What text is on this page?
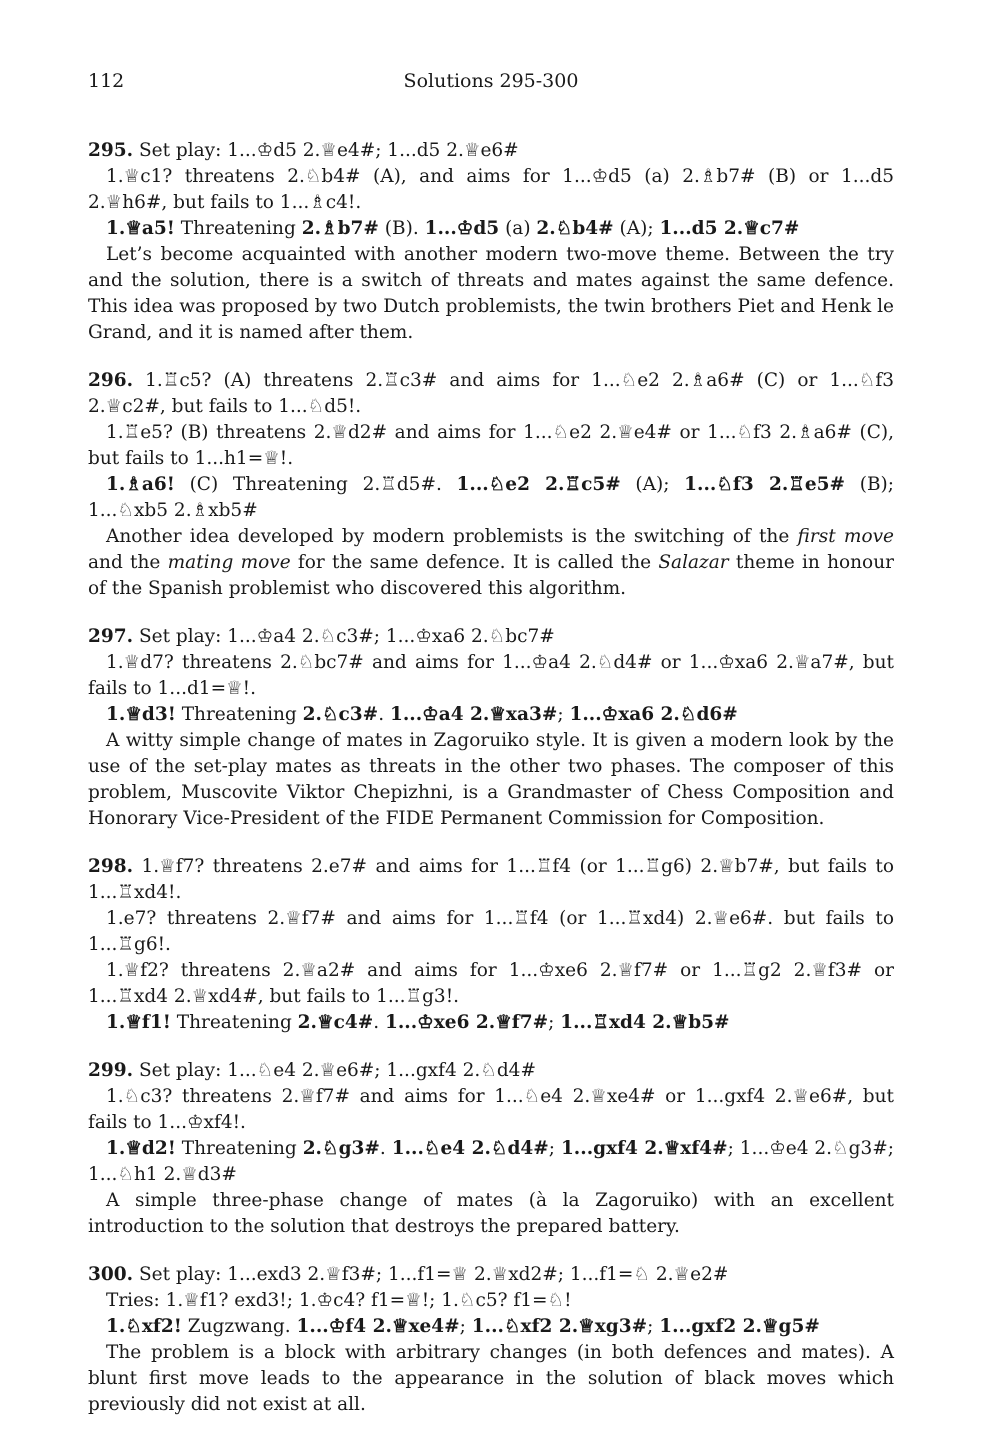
112	Solutions 295-300

295. Set play: 1...♔d5 2.♕e4#; 1...d5 2.♕e6#

1.♕c1? threatens 2.♘b4# (A), and aims for 1...♔d5 (a) 2.♗b7# (B) or 1...d5 2.♕h6#, but fails to 1...♗c4!.

1.♕a5! Threatening 2.♗b7# (B). 1...♔d5 (a) 2.♘b4# (A); 1...d5 2.♕c7#

Let’s become acquainted with another modern two-move theme. Between the try and the solution, there is a switch of threats and mates against the same defence. This idea was proposed by two Dutch problemists, the twin brothers Piet and Henk le Grand, and it is named after them.

296. 1.♖c5? (A) threatens 2.♖c3# and aims for 1...♘e2 2.♗a6# (C) or 1...♘f3 2.♕c2#, but fails to 1...♘d5!.

1.♖e5? (B) threatens 2.♕d2# and aims for 1...♘e2 2.♕e4# or 1...♘f3 2.♗a6# (C), but fails to 1...h1=♕!.

1.♗a6! (C) Threatening 2.♖d5#. 1...♘e2 2.♖c5# (A); 1...♘f3 2.♖e5# (B); 1...♘xb5 2.♗xb5#

Another idea developed by modern problemists is the switching of the first move and the mating move for the same defence. It is called the Salazar theme in honour of the Spanish problemist who discovered this algorithm.

297. Set play: 1...♔a4 2.♘c3#; 1...♔xa6 2.♘bc7#

1.♕d7? threatens 2.♘bc7# and aims for 1...♔a4 2.♘d4# or 1...♔xa6 2.♕a7#, but fails to 1...d1=♕!.

1.♕d3! Threatening 2.♘c3#. 1...♔a4 2.♕xa3#; 1...♔xa6 2.♘d6#

A witty simple change of mates in Zagoruiko style. It is given a modern look by the use of the set-play mates as threats in the other two phases. The composer of this problem, Muscovite Viktor Chepizhni, is a Grandmaster of Chess Composition and Honorary Vice-President of the FIDE Permanent Commission for Composition.

298. 1.♕f7? threatens 2.e7# and aims for 1...♖f4 (or 1...♖g6) 2.♕b7#, but fails to 1...♖xd4!.

1.e7? threatens 2.♕f7# and aims for 1...♖f4 (or 1...♖xd4) 2.♕e6#. but fails to 1...♖g6!.

1.♕f2? threatens 2.♕a2# and aims for 1...♔xe6 2.♕f7# or 1...♖g2 2.♕f3# or 1...♖xd4 2.♕xd4#, but fails to 1...♖g3!.

1.♕f1! Threatening 2.♕c4#. 1...♔xe6 2.♕f7#; 1...♖xd4 2.♕b5#

299. Set play: 1...♘e4 2.♕e6#; 1...gxf4 2.♘d4#

1.♘c3? threatens 2.♕f7# and aims for 1...♘e4 2.♕xe4# or 1...gxf4 2.♕e6#, but fails to 1...♔xf4!.

1.♕d2! Threatening 2.♘g3#. 1...♘e4 2.♘d4#; 1...gxf4 2.♕xf4#; 1...♔e4 2.♘g3#; 1...♘h1 2.♕d3#

A simple three-phase change of mates (à la Zagoruiko) with an excellent introduction to the solution that destroys the prepared battery.

300. Set play: 1...exd3 2.♕f3#; 1...f1=♕ 2.♕xd2#; 1...f1=♘ 2.♕e2#

Tries: 1.♕f1? exd3!; 1.♔c4? f1=♕!; 1.♘c5? f1=♘!

1.♘xf2! Zugzwang. 1...♔f4 2.♕xe4#; 1...♘xf2 2.♕xg3#; 1...gxf2 2.♕g5#

The problem is a block with arbitrary changes (in both defences and mates). A blunt first move leads to the appearance in the solution of black moves which previously did not exist at all.
